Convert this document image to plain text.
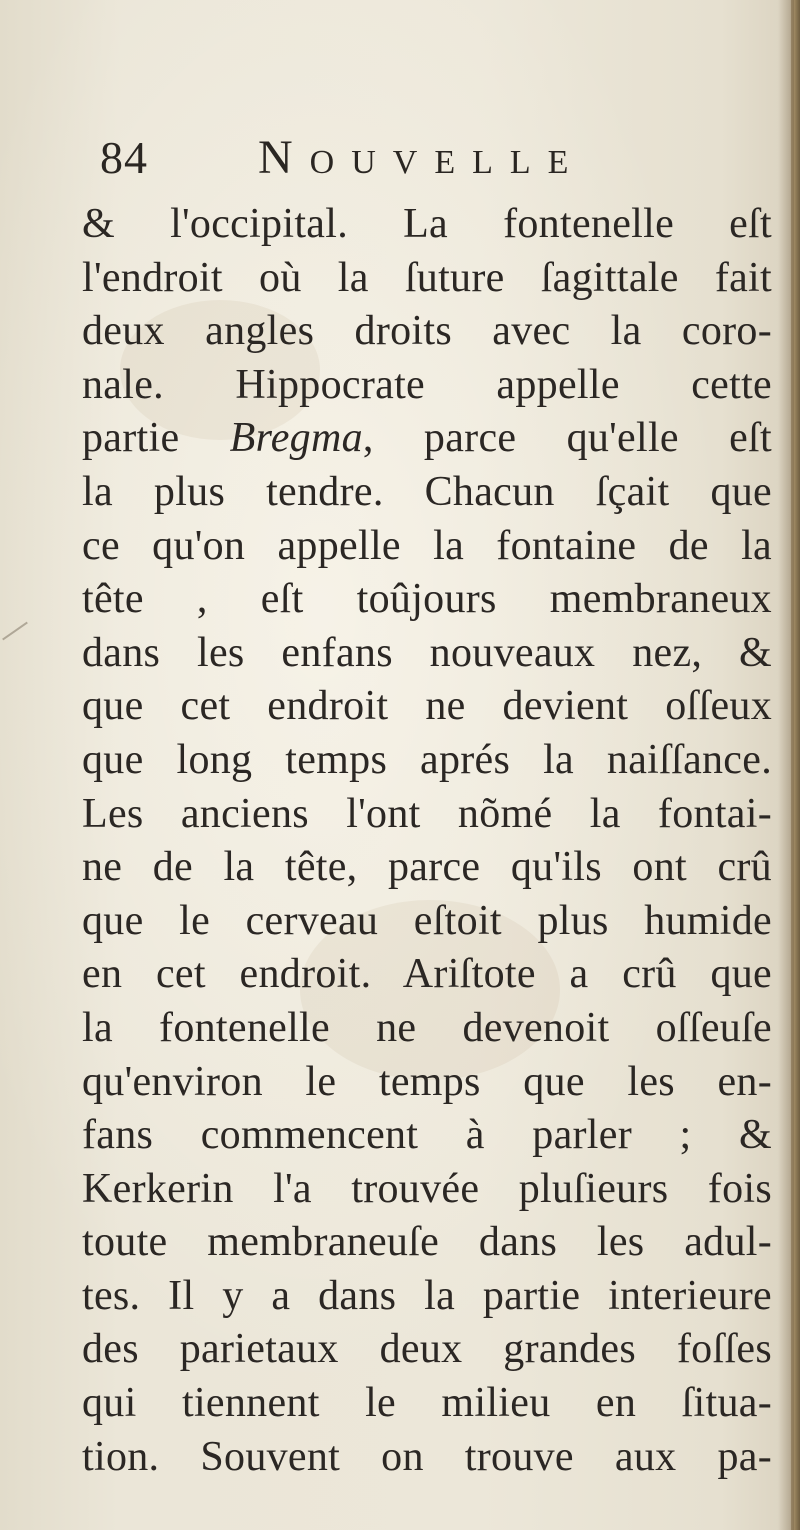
84 Nouvelle
& l'occipital. La fontenelle eſt
l'endroit où la ſuture ſagittale fait
deux angles droits avec la coro-
nale. Hippocrate appelle cette
partie Bregma, parce qu'elle eſt
la plus tendre. Chacun ſçait que
ce qu'on appelle la fontaine de la
tête , eſt toûjours membraneux
dans les enfans nouveaux nez, &
que cet endroit ne devient oſſeux
que long temps aprés la naiſſance.
Les anciens l'ont nõmé la fontai-
ne de la tête, parce qu'ils ont crû
que le cerveau eſtoit plus humide
en cet endroit. Ariſtote a crû que
la fontenelle ne devenoit oſſeuſe
qu'environ le temps que les en-
fans commencent à parler ; &
Kerkerin l'a trouvée pluſieurs fois
toute membraneuſe dans les adul-
tes. Il y a dans la partie interieure
des parietaux deux grandes foſſes
qui tiennent le milieu en ſitua-
tion. Souvent on trouve aux pa-
